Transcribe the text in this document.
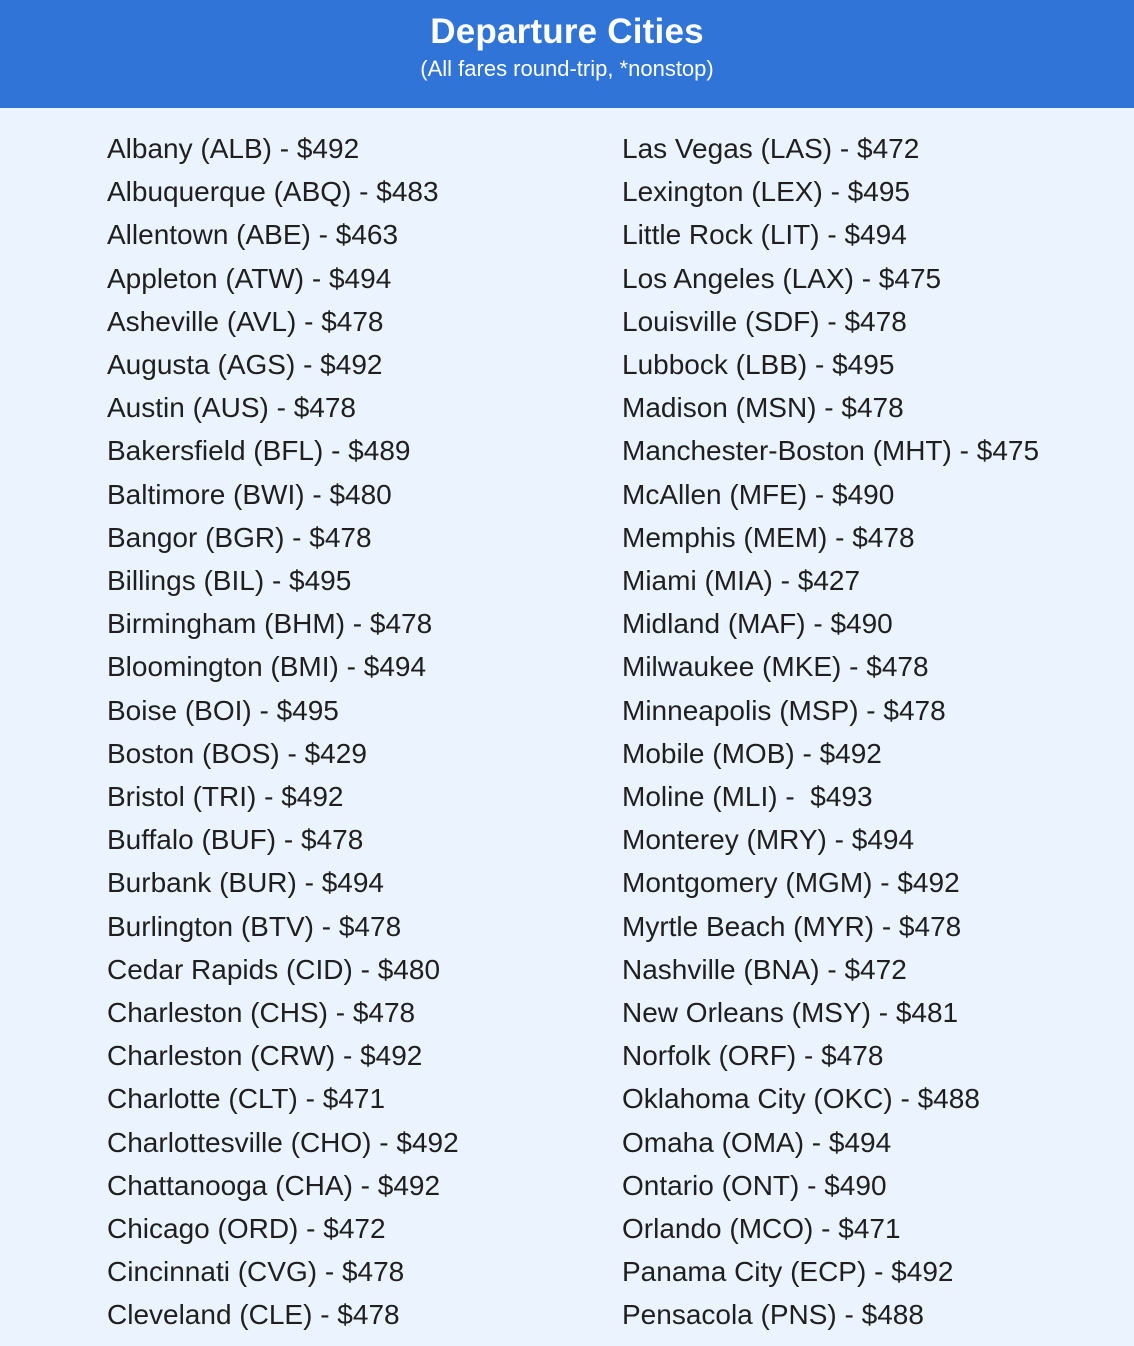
Departure Cities
(All fares round-trip, *nonstop)
Albany (ALB) - $492
Albuquerque (ABQ) - $483
Allentown (ABE) - $463
Appleton (ATW) - $494
Asheville (AVL) - $478
Augusta (AGS) - $492
Austin (AUS) - $478
Bakersfield (BFL) - $489
Baltimore (BWI) - $480
Bangor (BGR) - $478
Billings (BIL) - $495
Birmingham (BHM) - $478
Bloomington (BMI) - $494
Boise (BOI) - $495
Boston (BOS) - $429
Bristol (TRI) - $492
Buffalo (BUF) - $478
Burbank (BUR) - $494
Burlington (BTV) - $478
Cedar Rapids (CID) - $480
Charleston (CHS) - $478
Charleston (CRW) - $492
Charlotte (CLT) - $471
Charlottesville (CHO) - $492
Chattanooga (CHA) - $492
Chicago (ORD) - $472
Cincinnati (CVG) - $478
Cleveland (CLE) - $478
Las Vegas (LAS) - $472
Lexington (LEX) - $495
Little Rock (LIT) - $494
Los Angeles (LAX) - $475
Louisville (SDF) - $478
Lubbock (LBB) - $495
Madison (MSN) - $478
Manchester-Boston (MHT) - $475
McAllen (MFE) - $490
Memphis (MEM) - $478
Miami (MIA) - $427
Midland (MAF) - $490
Milwaukee (MKE) - $478
Minneapolis (MSP) - $478
Mobile (MOB) - $492
Moline (MLI) -  $493
Monterey (MRY) - $494
Montgomery (MGM) - $492
Myrtle Beach (MYR) - $478
Nashville (BNA) - $472
New Orleans (MSY) - $481
Norfolk (ORF) - $478
Oklahoma City (OKC) - $488
Omaha (OMA) - $494
Ontario (ONT) - $490
Orlando (MCO) - $471
Panama City (ECP) - $492
Pensacola (PNS) - $488
